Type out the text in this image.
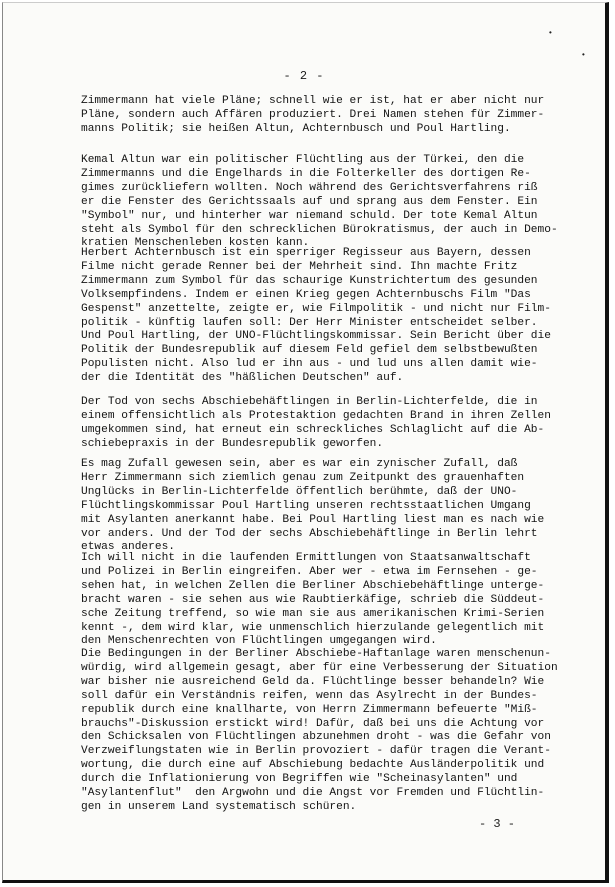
•
•
- 2 -

Zimmermann hat viele Pläne; schnell wie er ist, hat er aber nicht nur
Pläne, sondern auch Affären produziert. Drei Namen stehen für Zimmer-
manns Politik; sie heißen Altun, Achternbusch und Poul Hartling.

Kemal Altun war ein politischer Flüchtling aus der Türkei, den die
Zimmermanns und die Engelhards in die Folterkeller des dortigen Re-
gimes zurückliefern wollten. Noch während des Gerichtsverfahrens riß
er die Fenster des Gerichtssaals auf und sprang aus dem Fenster. Ein
"Symbol" nur, und hinterher war niemand schuld. Der tote Kemal Altun
steht als Symbol für den schrecklichen Bürokratismus, der auch in Demo-
kratien Menschenleben kosten kann.

Herbert Achternbusch ist ein sperriger Regisseur aus Bayern, dessen
Filme nicht gerade Renner bei der Mehrheit sind. Ihn machte Fritz
Zimmermann zum Symbol für das schaurige Kunstrichtertum des gesunden
Volksempfindens. Indem er einen Krieg gegen Achternbuschs Film "Das
Gespenst" anzettelte, zeigte er, wie Filmpolitik - und nicht nur Film-
politik - künftig laufen soll: Der Herr Minister entscheidet selber.

Und Poul Hartling, der UNO-Flüchtlingskommissar. Sein Bericht über die
Politik der Bundesrepublik auf diesem Feld gefiel dem selbstbewußten
Populisten nicht. Also lud er ihn aus - und lud uns allen damit wie-
der die Identität des "häßlichen Deutschen" auf.

Der Tod von sechs Abschiebehäftlingen in Berlin-Lichterfelde, die in
einem offensichtlich als Protestaktion gedachten Brand in ihren Zellen
umgekommen sind, hat erneut ein schreckliches Schlaglicht auf die Ab-
schiebepraxis in der Bundesrepublik geworfen.

Es mag Zufall gewesen sein, aber es war ein zynischer Zufall, daß
Herr Zimmermann sich ziemlich genau zum Zeitpunkt des grauenhaften
Unglücks in Berlin-Lichterfelde öffentlich berühmte, daß der UNO-
Flüchtlingskommissar Poul Hartling unseren rechtsstaatlichen Umgang
mit Asylanten anerkannt habe. Bei Poul Hartling liest man es nach wie
vor anders. Und der Tod der sechs Abschiebehäftlinge in Berlin lehrt
etwas anderes.

Ich will nicht in die laufenden Ermittlungen von Staatsanwaltschaft
und Polizei in Berlin eingreifen. Aber wer - etwa im Fernsehen - ge-
sehen hat, in welchen Zellen die Berliner Abschiebehäftlinge unterge-
bracht waren - sie sehen aus wie Raubtierkäfige, schrieb die Süddeut-
sche Zeitung treffend, so wie man sie aus amerikanischen Krimi-Serien
kennt -, dem wird klar, wie unmenschlich hierzulande gelegentlich mit
den Menschenrechten von Flüchtlingen umgegangen wird.

Die Bedingungen in der Berliner Abschiebe-Haftanlage waren menschenun-
würdig, wird allgemein gesagt, aber für eine Verbesserung der Situation
war bisher nie ausreichend Geld da. Flüchtlinge besser behandeln? Wie
soll dafür ein Verständnis reifen, wenn das Asylrecht in der Bundes-
republik durch eine knallharte, von Herrn Zimmermann befeuerte "Miß-
brauchs"-Diskussion erstickt wird! Dafür, daß bei uns die Achtung vor
den Schicksalen von Flüchtlingen abzunehmen droht - was die Gefahr von
Verzweiflungstaten wie in Berlin provoziert - dafür tragen die Verant-
wortung, die durch eine auf Abschiebung bedachte Ausländerpolitik und
durch die Inflationierung von Begriffen wie "Scheinasylanten" und
"Asylantenflut"  den Argwohn und die Angst vor Fremden und Flüchtlin-
gen in unserem Land systematisch schüren.

- 3 -
